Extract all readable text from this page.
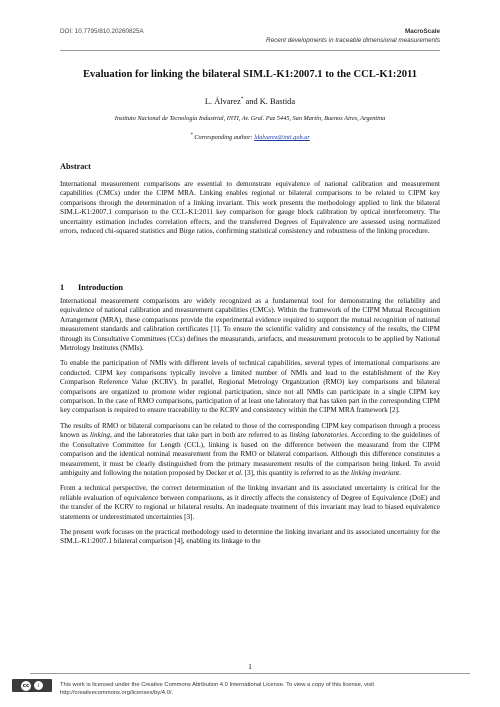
DOI: 10.7795/810.20260825A	MacroScale
Recent developments in traceable dimensional measurements
Evaluation for linking the bilateral SIM.L-K1:2007.1 to the CCL-K1:2011
L. Álvarez* and K. Bastida
Instituto Nacional de Tecnología Industrial, INTI, Av. Gral. Paz 5445, San Martín, Buenos Aires, Argentina
* Corresponding author: ldalvarez@inti.gob.ar
Abstract

International measurement comparisons are essential to demonstrate equivalence of national calibration and measurement capabilities (CMCs) under the CIPM MRA. Linking enables regional or bilateral comparisons to be related to CIPM key comparisons through the determination of a linking invariant. This work presents the methodology applied to link the bilateral SIM.L-K1:2007.1 comparison to the CCL-K1:2011 key comparison for gauge block calibration by optical interferometry. The uncertainty estimation includes correlation effects, and the transferred Degrees of Equivalence are assessed using normalized errors, reduced chi-squared statistics and Birge ratios, confirming statistical consistency and robustness of the linking procedure.

1 Introduction

International measurement comparisons are widely recognized as a fundamental tool for demonstrating the reliability and equivalence of national calibration and measurement capabilities (CMCs). Within the framework of the CIPM Mutual Recognition Arrangement (MRA), these comparisons provide the experimental evidence required to support the mutual recognition of national measurement standards and calibration certificates [1]. To ensure the scientific validity and consistency of the results, the CIPM through its Consultative Committees (CCs) defines the measurands, artefacts, and measurement protocols to be applied by National Metrology Institutes (NMIs).

To enable the participation of NMIs with different levels of technical capabilities, several types of international comparisons are conducted. CIPM key comparisons typically involve a limited number of NMIs and lead to the establishment of the Key Comparison Reference Value (KCRV). In parallel, Regional Metrology Organization (RMO) key comparisons and bilateral comparisons are organized to promote wider regional participation, since not all NMIs can participate in a single CIPM key comparison. In the case of RMO comparisons, participation of at least one laboratory that has taken part in the corresponding CIPM key comparison is required to ensure traceability to the KCRV and consistency within the CIPM MRA framework [2].

The results of RMO or bilateral comparisons can be related to those of the corresponding CIPM key comparison through a process known as linking, and the laboratories that take part in both are referred to as linking laboratories. According to the guidelines of the Consultative Committee for Length (CCL), linking is based on the difference between the measurand from the CIPM comparison and the identical nominal measurement from the RMO or bilateral comparison. Although this difference constitutes a measurement, it must be clearly distinguished from the primary measurement results of the comparison being linked. To avoid ambiguity and following the notation proposed by Decker et al. [3], this quantity is referred to as the linking invariant.

From a technical perspective, the correct determination of the linking invariant and its associated uncertainty is critical for the reliable evaluation of equivalence between comparisons, as it directly affects the consistency of Degree of Equivalence (DoE) and the transfer of the KCRV to regional or bilateral results. An inadequate treatment of this invariant may lead to biased equivalence statements or underestimated uncertainties [3].

The present work focuses on the practical methodology used to determine the linking invariant and its associated uncertainty for the SIM.L-K1:2007.1 bilateral comparison [4], enabling its linkage to the

1
cc	i	This work is licensed under the Creative Commons Attribution 4.0 International License. To view a copy of this license, visit http://creativecommons.org/licenses/by/4.0/.
